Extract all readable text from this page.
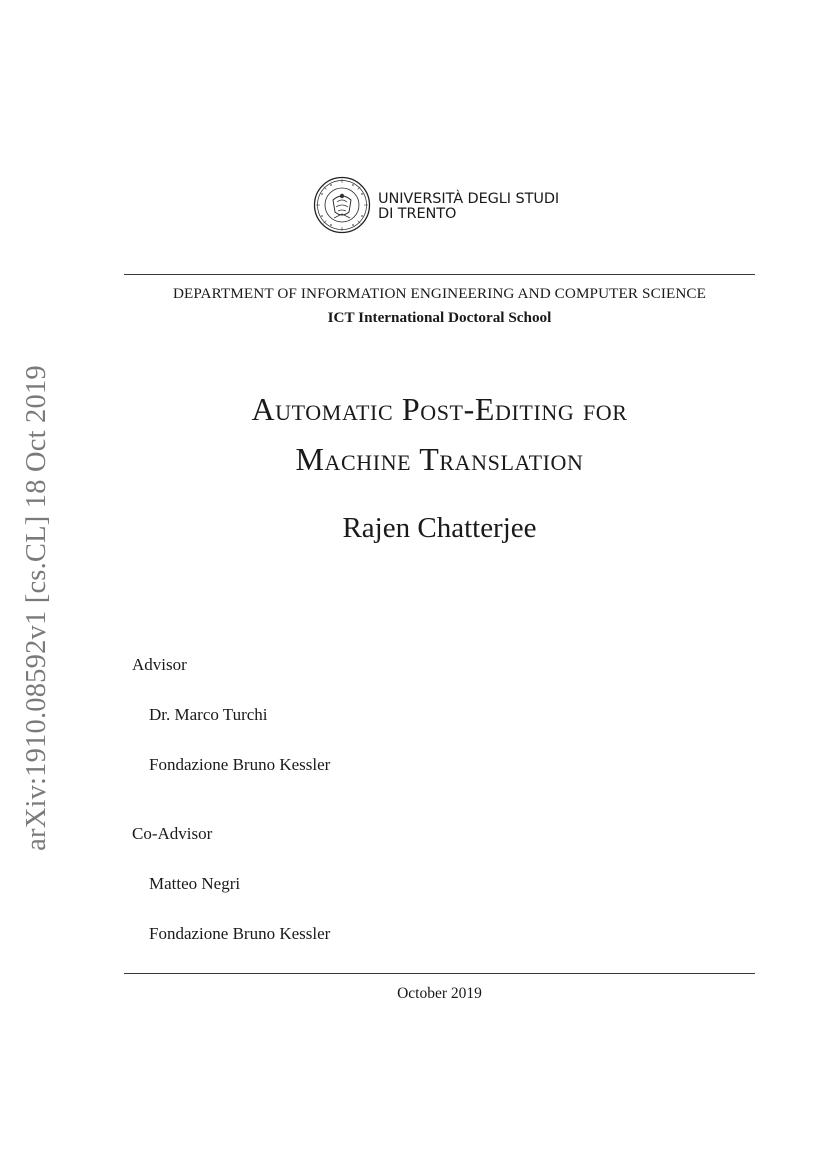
arXiv:1910.08592v1 [cs.CL] 18 Oct 2019
UNIVERSITÀ DEGLI STUDI
DI TRENTO
DEPARTMENT OF INFORMATION ENGINEERING AND COMPUTER SCIENCE
ICT International Doctoral School
Automatic Post-Editing for
Machine Translation
Rajen Chatterjee
Advisor
Dr. Marco Turchi
Fondazione Bruno Kessler
Co-Advisor
Matteo Negri
Fondazione Bruno Kessler
October 2019
